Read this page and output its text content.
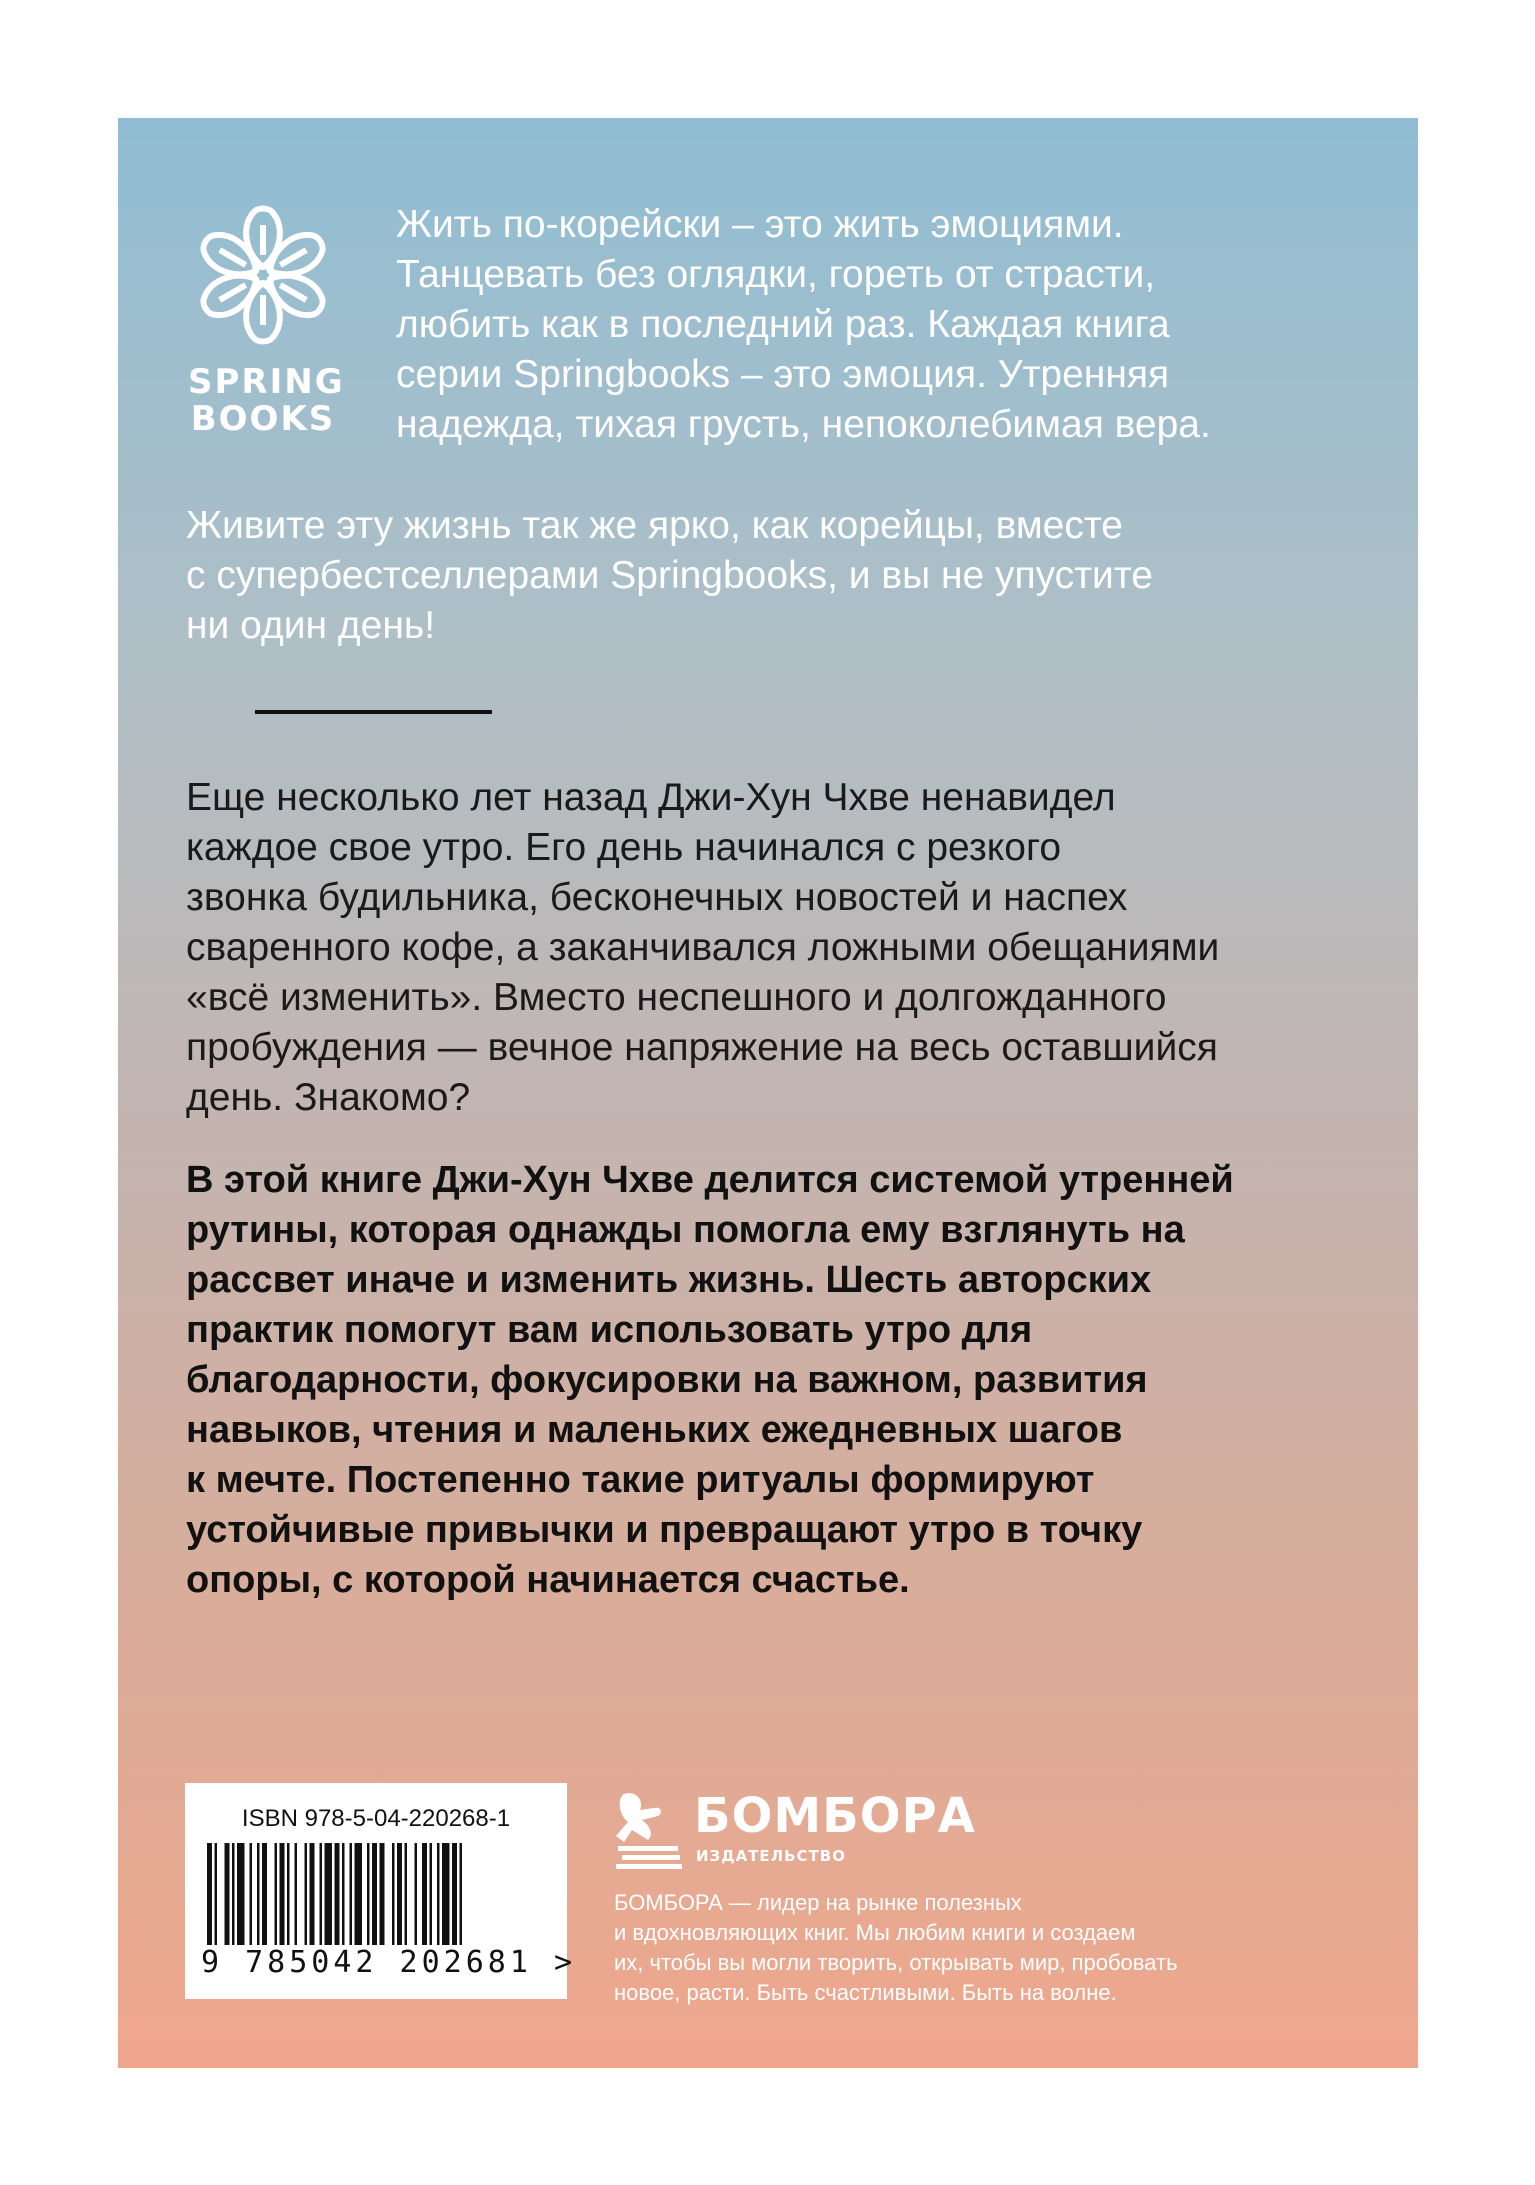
SPRING
BOOKS

Жить по-корейски – это жить эмоциями.
Танцевать без оглядки, гореть от страсти,
любить как в последний раз. Каждая книга
серии Springbooks – это эмоция. Утренняя
надежда, тихая грусть, непоколебимая вера.

Живите эту жизнь так же ярко, как корейцы, вместе
с супербестселлерами Springbooks, и вы не упустите
ни один день!

Еще несколько лет назад Джи-Хун Чхве ненавидел
каждое свое утро. Его день начинался с резкого
звонка будильника, бесконечных новостей и наспех
сваренного кофе, а заканчивался ложными обещаниями
«всё изменить». Вместо неспешного и долгожданного
пробуждения — вечное напряжение на весь оставшийся
день. Знакомо?

В этой книге Джи-Хун Чхве делится системой утренней
рутины, которая однажды помогла ему взглянуть на
рассвет иначе и изменить жизнь. Шесть авторских
практик помогут вам использовать утро для
благодарности, фокусировки на важном, развития
навыков, чтения и маленьких ежедневных шагов
к мечте. Постепенно такие ритуалы формируют
устойчивые привычки и превращают утро в точку
опоры, с которой начинается счастье.

ISBN 978-5-04-220268-1
9 785042 202681 >
БОМБОРА
ИЗДАТЕЛЬСТВО

БОМБОРА — лидер на рынке полезных
и вдохновляющих книг. Мы любим книги и создаем
их, чтобы вы могли творить, открывать мир, пробовать
новое, расти. Быть счастливыми. Быть на волне.
